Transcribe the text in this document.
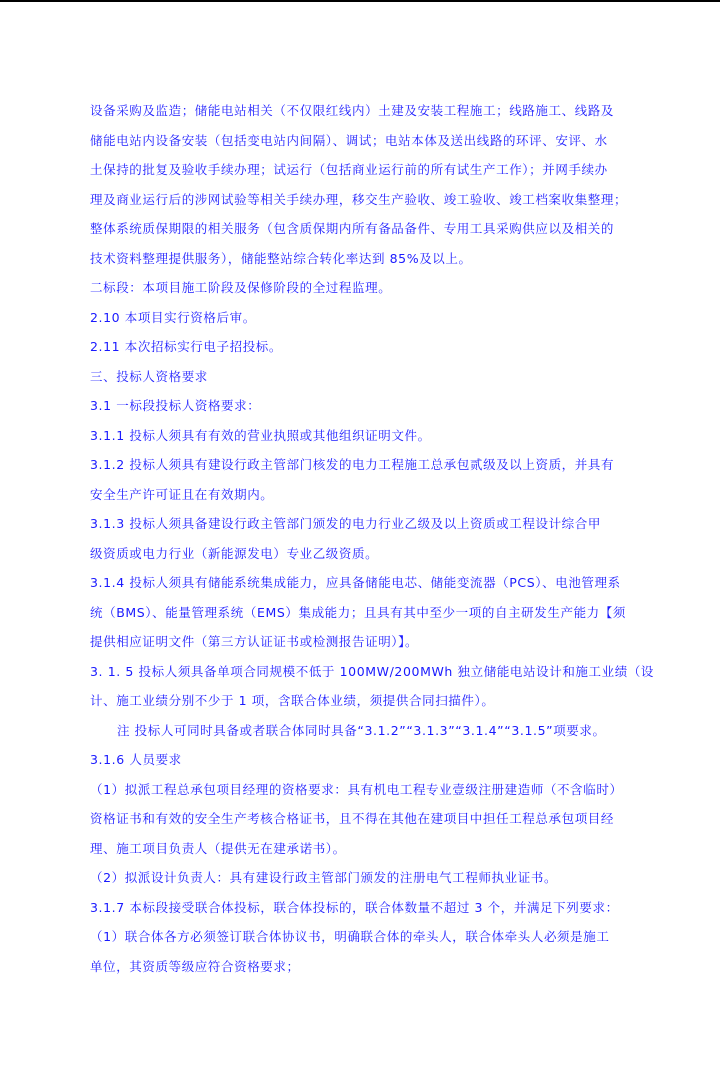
设备采购及监造；储能电站相关（不仅限红线内）土建及安装工程施工；线路施工、线路及
储能电站内设备安装（包括变电站内间隔）、调试；电站本体及送出线路的环评、安评、水
土保持的批复及验收手续办理；试运行（包括商业运行前的所有试生产工作）；并网手续办
理及商业运行后的涉网试验等相关手续办理，移交生产验收、竣工验收、竣工档案收集整理；
整体系统质保期限的相关服务（包含质保期内所有备品备件、专用工具采购供应以及相关的
技术资料整理提供服务），储能整站综合转化率达到 85%及以上。
二标段：本项目施工阶段及保修阶段的全过程监理。
2.10 本项目实行资格后审。
2.11 本次招标实行电子招投标。
三、投标人资格要求
3.1 一标段投标人资格要求：
3.1.1 投标人须具有有效的营业执照或其他组织证明文件。
3.1.2 投标人须具有建设行政主管部门核发的电力工程施工总承包贰级及以上资质，并具有
安全生产许可证且在有效期内。
3.1.3 投标人须具备建设行政主管部门颁发的电力行业乙级及以上资质或工程设计综合甲
级资质或电力行业（新能源发电）专业乙级资质。
3.1.4 投标人须具有储能系统集成能力，应具备储能电芯、储能变流器（PCS）、电池管理系
统（BMS）、能量管理系统（EMS）集成能力；且具有其中至少一项的自主研发生产能力【须
提供相应证明文件（第三方认证证书或检测报告证明）】。
3. 1. 5 投标人须具备单项合同规模不低于 100MW/200MWh 独立储能电站设计和施工业绩（设
计、施工业绩分别不少于 1 项，含联合体业绩，须提供合同扫描件）。
注 投标人可同时具备或者联合体同时具备“3.1.2”“3.1.3”“3.1.4”“3.1.5”项要求。
3.1.6 人员要求
（1）拟派工程总承包项目经理的资格要求：具有机电工程专业壹级注册建造师（不含临时）
资格证书和有效的安全生产考核合格证书，且不得在其他在建项目中担任工程总承包项目经
理、施工项目负责人（提供无在建承诺书）。
（2）拟派设计负责人：具有建设行政主管部门颁发的注册电气工程师执业证书。
3.1.7 本标段接受联合体投标，联合体投标的，联合体数量不超过 3 个，并满足下列要求：
（1）联合体各方必须签订联合体协议书，明确联合体的牵头人，联合体牵头人必须是施工
单位，其资质等级应符合资格要求；
